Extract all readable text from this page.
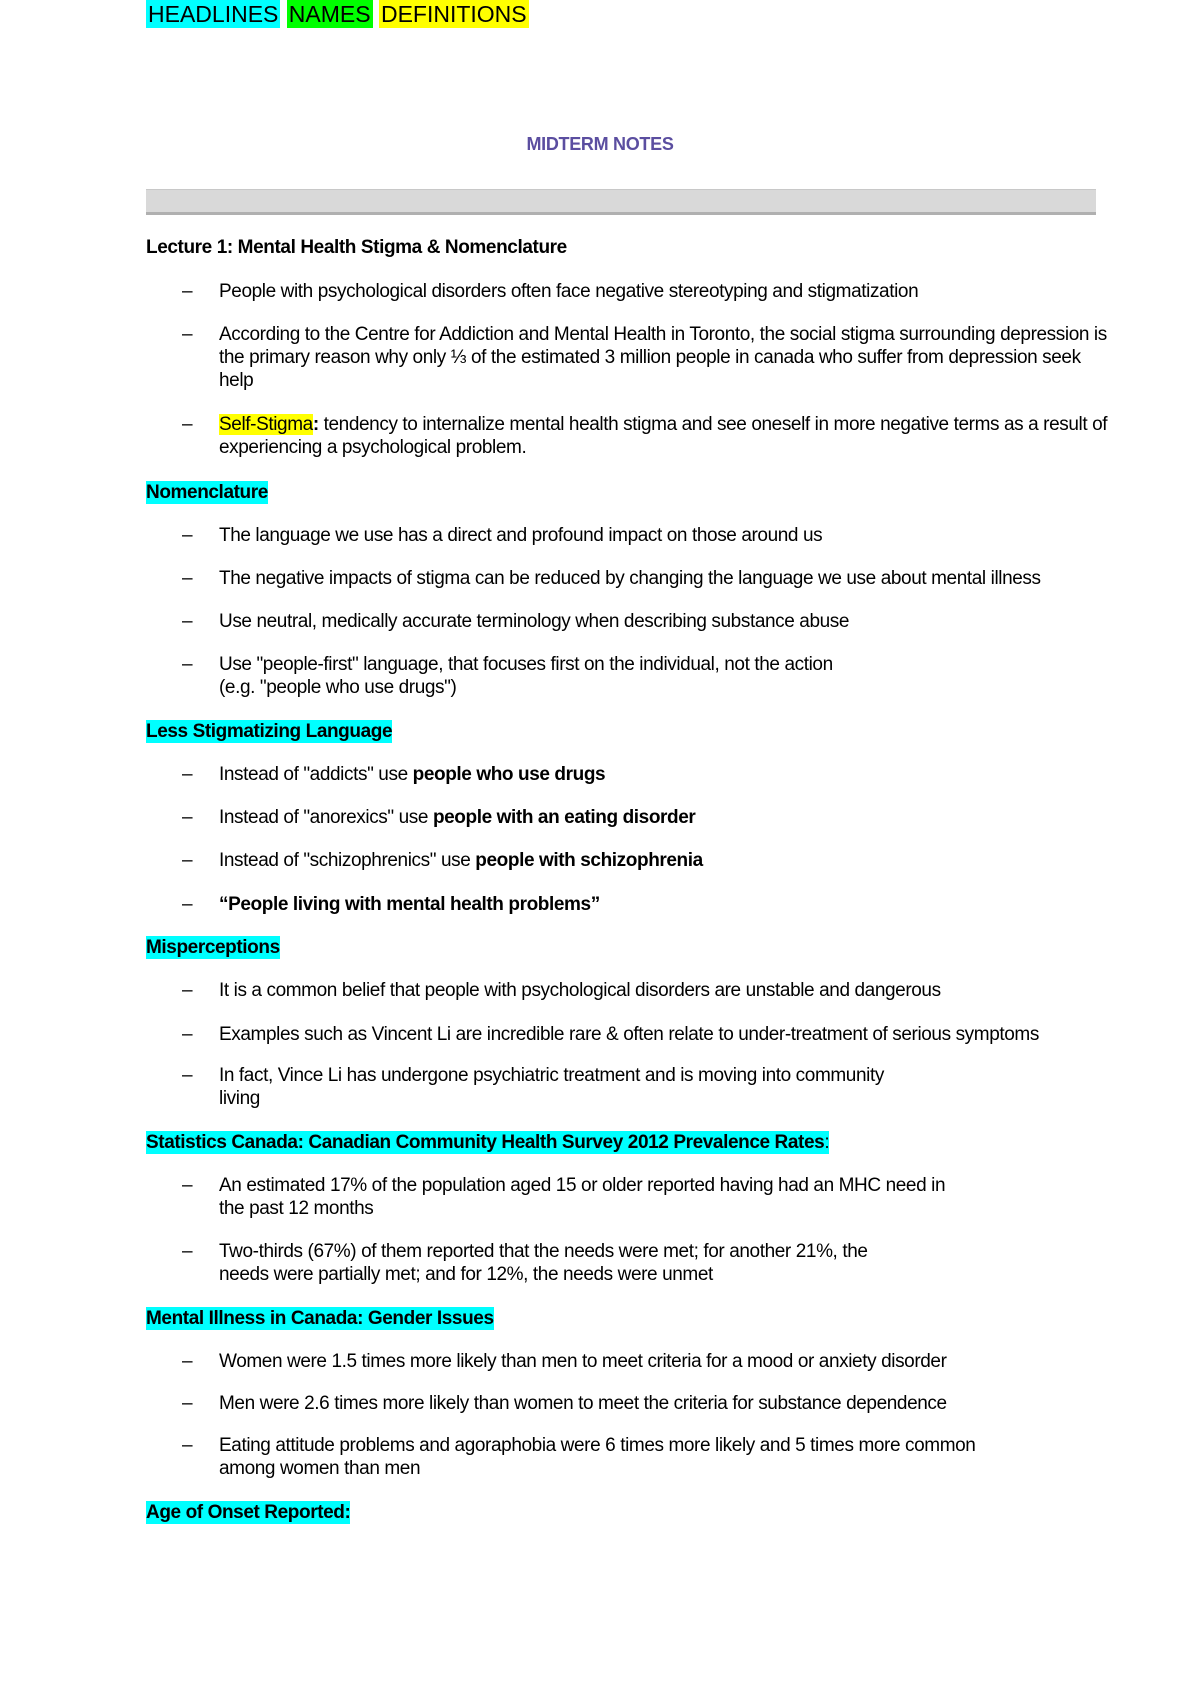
HEADLINES NAMES DEFINITIONS
MIDTERM NOTES
Lecture 1: Mental Health Stigma & Nomenclature
– People with psychological disorders often face negative stereotyping and stigmatization
– According to the Centre for Addiction and Mental Health in Toronto, the social stigma surrounding depression is the primary reason why only ⅓ of the estimated 3 million people in canada who suffer from depression seek help
– Self-Stigma: tendency to internalize mental health stigma and see oneself in more negative terms as a result of experiencing a psychological problem.
Nomenclature
– The language we use has a direct and profound impact on those around us
– The negative impacts of stigma can be reduced by changing the language we use about mental illness
– Use neutral, medically accurate terminology when describing substance abuse
– Use "people-first" language, that focuses first on the individual, not the action (e.g. "people who use drugs")
Less Stigmatizing Language
– Instead of "addicts" use people who use drugs
– Instead of "anorexics" use people with an eating disorder
– Instead of "schizophrenics" use people with schizophrenia
– “People living with mental health problems”
Misperceptions
– It is a common belief that people with psychological disorders are unstable and dangerous
– Examples such as Vincent Li are incredible rare & often relate to under-treatment of serious symptoms
– In fact, Vince Li has undergone psychiatric treatment and is moving into community living
Statistics Canada: Canadian Community Health Survey 2012 Prevalence Rates:
– An estimated 17% of the population aged 15 or older reported having had an MHC need in the past 12 months
– Two-thirds (67%) of them reported that the needs were met; for another 21%, the needs were partially met; and for 12%, the needs were unmet
Mental Illness in Canada: Gender Issues
– Women were 1.5 times more likely than men to meet criteria for a mood or anxiety disorder
– Men were 2.6 times more likely than women to meet the criteria for substance dependence
– Eating attitude problems and agoraphobia were 6 times more likely and 5 times more common among women than men
Age of Onset Reported:
